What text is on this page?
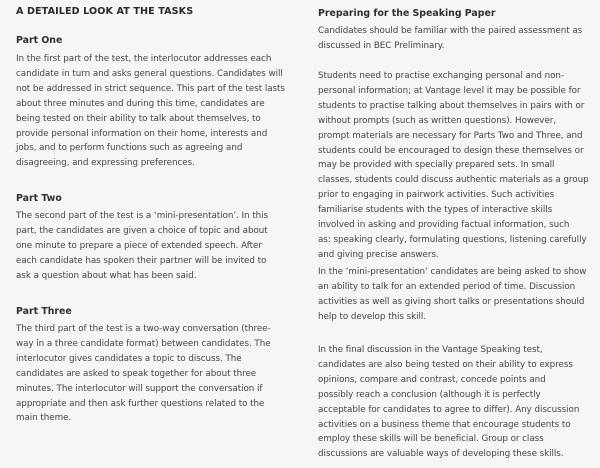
A DETAILED LOOK AT THE TASKS
Part One
In the first part of the test, the interlocutor addresses each
candidate in turn and asks general questions. Candidates will
not be addressed in strict sequence. This part of the test lasts
about three minutes and during this time, candidates are
being tested on their ability to talk about themselves, to
provide personal information on their home, interests and
jobs, and to perform functions such as agreeing and
disagreeing, and expressing preferences.
Part Two
The second part of the test is a ‘mini-presentation’. In this
part, the candidates are given a choice of topic and about
one minute to prepare a piece of extended speech. After
each candidate has spoken their partner will be invited to
ask a question about what has been said.
Part Three
The third part of the test is a two-way conversation (three-
way in a three candidate format) between candidates. The
interlocutor gives candidates a topic to discuss. The
candidates are asked to speak together for about three
minutes. The interlocutor will support the conversation if
appropriate and then ask further questions related to the
main theme.
Preparing for the Speaking Paper
Candidates should be familiar with the paired assessment as
discussed in BEC Preliminary.
Students need to practise exchanging personal and non-
personal information; at Vantage level it may be possible for
students to practise talking about themselves in pairs with or
without prompts (such as written questions). However,
prompt materials are necessary for Parts Two and Three, and
students could be encouraged to design these themselves or
may be provided with specially prepared sets. In small
classes, students could discuss authentic materials as a group
prior to engaging in pairwork activities. Such activities
familiarise students with the types of interactive skills
involved in asking and providing factual information, such
as: speaking clearly, formulating questions, listening carefully
and giving precise answers.
In the ‘mini-presentation’ candidates are being asked to show
an ability to talk for an extended period of time. Discussion
activities as well as giving short talks or presentations should
help to develop this skill.
In the final discussion in the Vantage Speaking test,
candidates are also being tested on their ability to express
opinions, compare and contrast, concede points and
possibly reach a conclusion (although it is perfectly
acceptable for candidates to agree to differ). Any discussion
activities on a business theme that encourage students to
employ these skills will be beneficial. Group or class
discussions are valuable ways of developing these skills.
